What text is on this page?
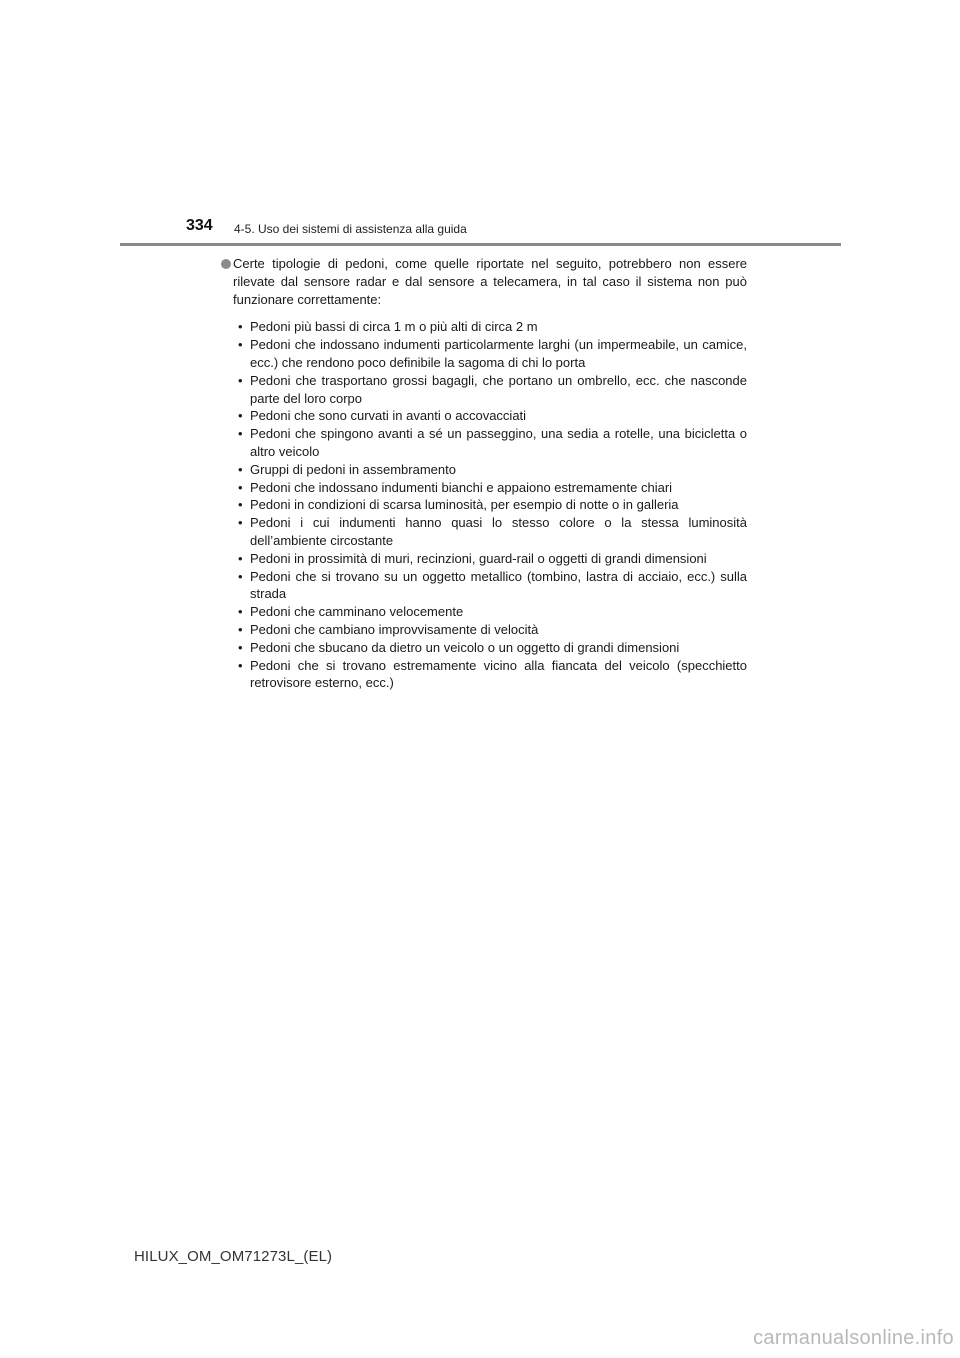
334 4-5. Uso dei sistemi di assistenza alla guida
Certe tipologie di pedoni, come quelle riportate nel seguito, potrebbero non essere rilevate dal sensore radar e dal sensore a telecamera, in tal caso il sistema non può funzionare correttamente:
• Pedoni più bassi di circa 1 m o più alti di circa 2 m
• Pedoni che indossano indumenti particolarmente larghi (un impermeabile, un camice, ecc.) che rendono poco definibile la sagoma di chi lo porta
• Pedoni che trasportano grossi bagagli, che portano un ombrello, ecc. che nasconde parte del loro corpo
• Pedoni che sono curvati in avanti o accovacciati
• Pedoni che spingono avanti a sé un passeggino, una sedia a rotelle, una bicicletta o altro veicolo
• Gruppi di pedoni in assembramento
• Pedoni che indossano indumenti bianchi e appaiono estremamente chiari
• Pedoni in condizioni di scarsa luminosità, per esempio di notte o in galleria
• Pedoni i cui indumenti hanno quasi lo stesso colore o la stessa luminosità dell’ambiente circostante
• Pedoni in prossimità di muri, recinzioni, guard-rail o oggetti di grandi dimensioni
• Pedoni che si trovano su un oggetto metallico (tombino, lastra di acciaio, ecc.) sulla strada
• Pedoni che camminano velocemente
• Pedoni che cambiano improvvisamente di velocità
• Pedoni che sbucano da dietro un veicolo o un oggetto di grandi dimensioni
• Pedoni che si trovano estremamente vicino alla fiancata del veicolo (specchietto retrovisore esterno, ecc.)
HILUX_OM_OM71273L_(EL)
carmanualsonline.info
